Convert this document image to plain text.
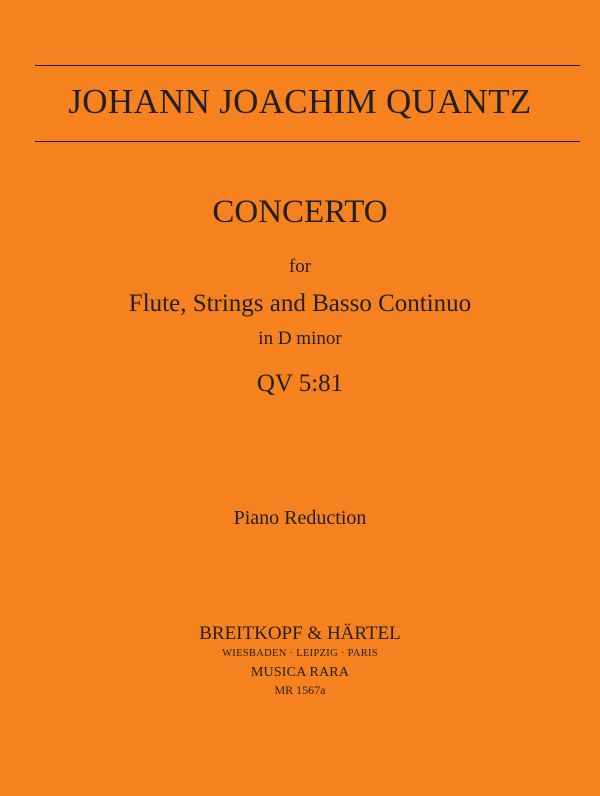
JOHANN JOACHIM QUANTZ
CONCERTO
for
Flute, Strings and Basso Continuo
in D minor
QV 5:81
Piano Reduction
BREITKOPF & HÄRTEL
WIESBADEN · LEIPZIG · PARIS
MUSICA RARA
MR 1567a
